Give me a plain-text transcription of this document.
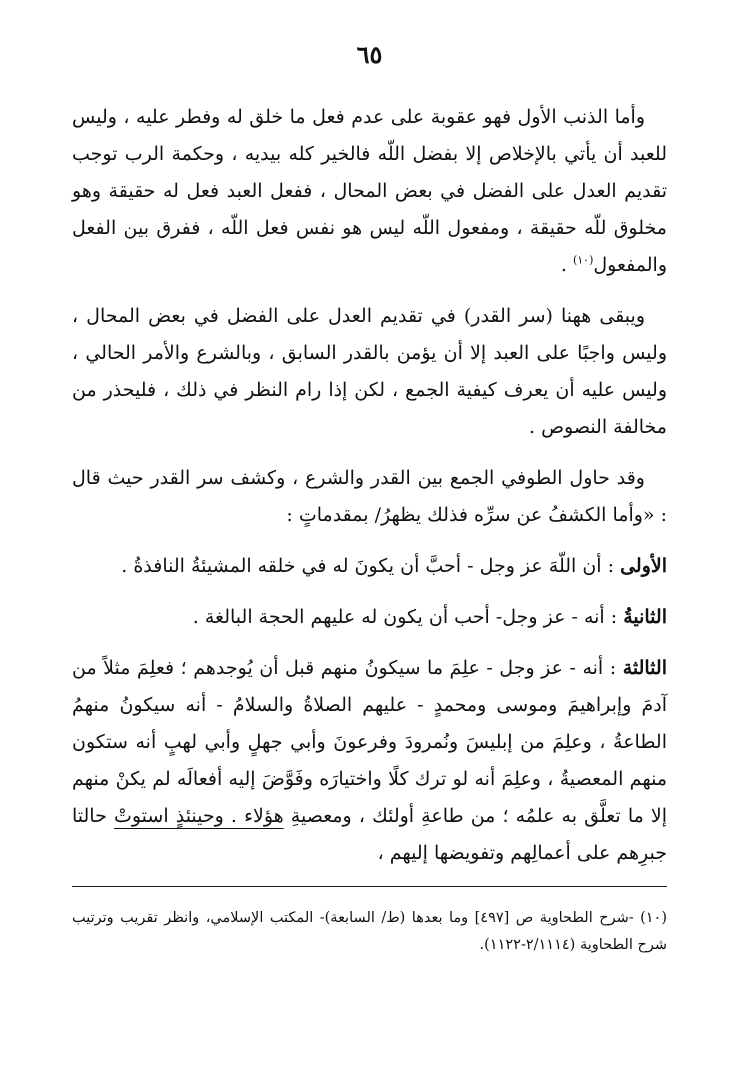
٦٥

وأما الذنب الأول فهو عقوبة على عدم فعل ما خلق له وفطر عليه ، وليس للعبد أن يأتي بالإخلاص إلا بفضل اللّه فالخير كله بيديه ، وحكمة الرب توجب تقديم العدل على الفضل في بعض المحال ، ففعل العبد فعل له حقيقة وهو مخلوق للّه حقيقة ، ومفعول اللّه ليس هو نفس فعل اللّه ، ففرق بين الفعل والمفعول$^{(١٠)}$ .

ويبقى ههنا (سر القدر) في تقديم العدل على الفضل في بعض المحال ، وليس واجبًا على العبد إلا أن يؤمن بالقدر السابق ، وبالشرع والأمر الحالي ، وليس عليه أن يعرف كيفية الجمع ، لكن إذا رام النظر في ذلك ، فليحذر من مخالفة النصوص .

وقد حاول الطوفي الجمع بين القدر والشرع ، وكشف سر القدر حيث قال : «وأما الكشفُ عن سرِّه فذلك يظهرُ/ بمقدماتٍ :

الأولى : أن اللّهَ عز وجل - أحبَّ أن يكونَ له في خلقه المشيئةُ النافذةُ .

الثانيةُ : أنه - عز وجل- أحب أن يكون له عليهم الحجة البالغة .

الثالثة : أنه - عز وجل - علِمَ ما سيكونُ منهم قبل أن يُوجدهم ؛ فعلِمَ مثلاً من آدمَ وإبراهيمَ وموسى ومحمدٍ - عليهم الصلاةُ والسلامُ - أنه سيكونُ منهمُ الطاعةُ ، وعلِمَ من إبليسَ ونُمرودَ وفرعونَ وأبي جهلٍ وأبي لهبٍ أنه ستكون منهم المعصيةُ ، وعلِمَ أنه لو ترك كلًا واختيارَه وفَوَّضَ إليه أفعالَه لم يكنْ منهم إلا ما تعلَّق به علمُه ؛ من طاعةِ أولئك ، ومعصيةِ هؤلاء . وحينئذٍ استوتْ حالتا جبرِهم على أعمالِهم وتفويضها إليهم ،

(١٠) -شرح الطحاوية ص [٤٩٧] وما بعدها (ط/ السابعة)- المكتب الإسلامي، وانظر تقريب وترتيب شرح الطحاوية (٢/١١١٤-١١٢٢).
